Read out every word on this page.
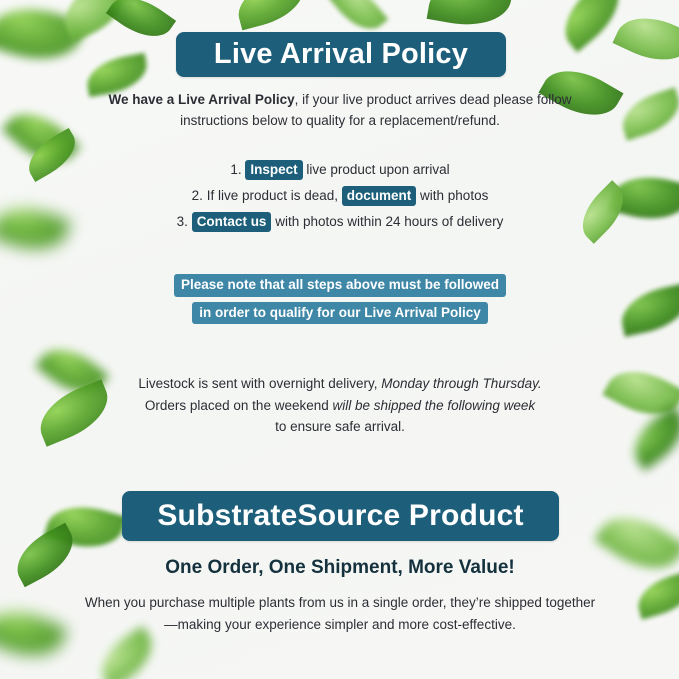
Live Arrival Policy
We have a Live Arrival Policy, if your live product arrives dead please follow instructions below to quality for a replacement/refund.
1. Inspect live product upon arrival
2. If live product is dead, document with photos
3. Contact us with photos within 24 hours of delivery
Please note that all steps above must be followed
in order to qualify for our Live Arrival Policy
Livestock is sent with overnight delivery, Monday through Thursday.
Orders placed on the weekend will be shipped the following week
to ensure safe arrival.
SubstrateSource Product
One Order, One Shipment, More Value!
When you purchase multiple plants from us in a single order, they’re shipped together—making your experience simpler and more cost-effective.
